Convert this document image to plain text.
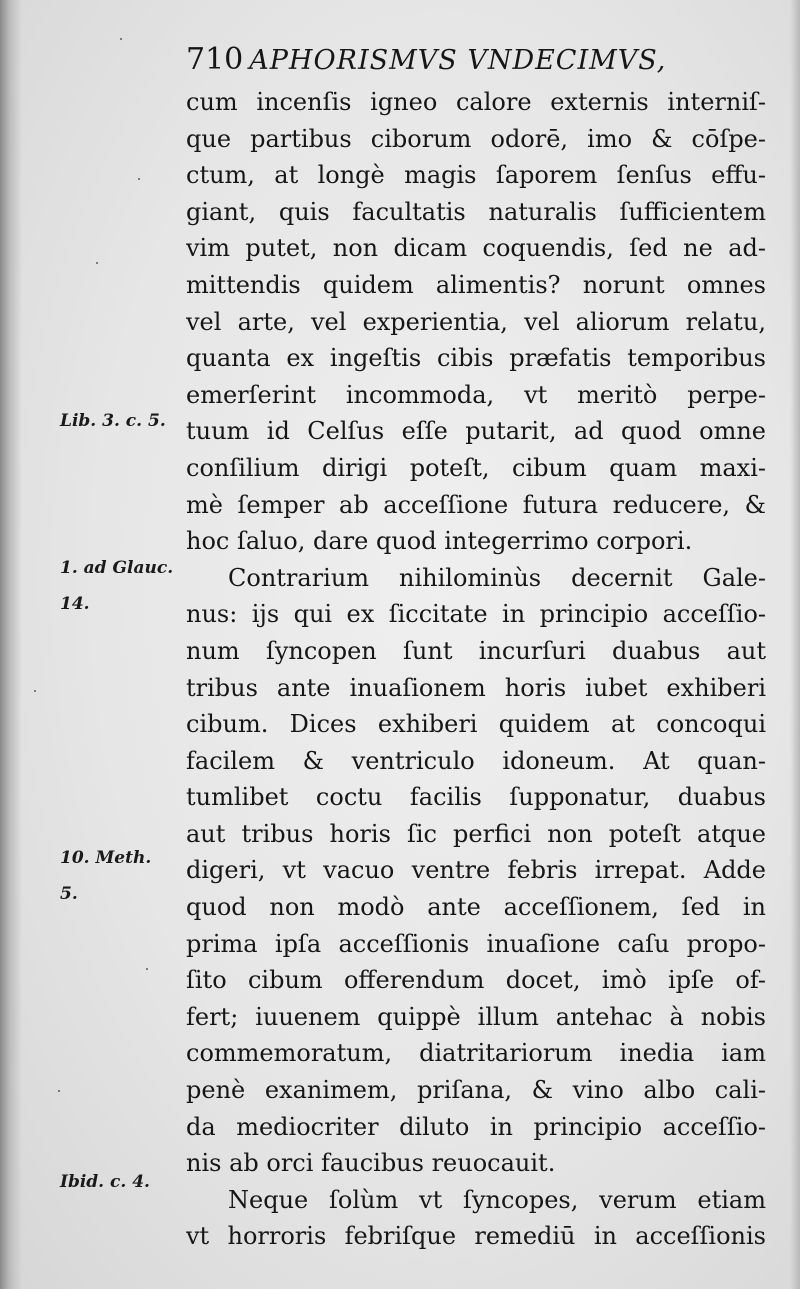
710 APHORISMVS VNDECIMVS,
cum incenſis igneo calore externis interniſ-
que partibus ciborum odorē, imo & cōſpe-
ctum, at longè magis ſaporem ſenſus effu-
giant, quis facultatis naturalis ſufficientem
vim putet, non dicam coquendis, ſed ne ad-
mittendis quidem alimentis? norunt omnes
vel arte, vel experientia, vel aliorum relatu,
quanta ex ingeſtis cibis præfatis temporibus
emerſerint incommoda, vt meritò perpe-
tuum id Celſus eſſe putarit, ad quod omne
conſilium dirigi poteſt, cibum quam maxi-
mè ſemper ab acceſſione futura reducere, &
hoc ſaluo, dare quod integerrimo corpori.
Contrarium nihilominùs decernit Gale-
nus: ijs qui ex ſiccitate in principio acceſſio-
num ſyncopen ſunt incurſuri duabus aut
tribus ante inuaſionem horis iubet exhiberi
cibum. Dices exhiberi quidem at concoqui
facilem & ventriculo idoneum. At quan-
tumlibet coctu facilis ſupponatur, duabus
aut tribus horis ſic perfici non poteſt atque
digeri, vt vacuo ventre febris irrepat. Adde
quod non modò ante acceſſionem, ſed in
prima ipſa acceſſionis inuaſione caſu propo-
ſito cibum offerendum docet, imò ipſe of-
fert; iuuenem quippè illum antehac à nobis
commemoratum, diatritariorum inedia iam
penè exanimem, priſana, & vino albo cali-
da mediocriter diluto in principio acceſſio-
nis ab orci faucibus reuocauit.
Neque ſolùm vt ſyncopes, verum etiam
vt horroris febriſque remediū in acceſſionis
Lib. 3. c. 5.
1. ad Glauc.
14.
10. Meth.
5.
Ibid. c. 4.
